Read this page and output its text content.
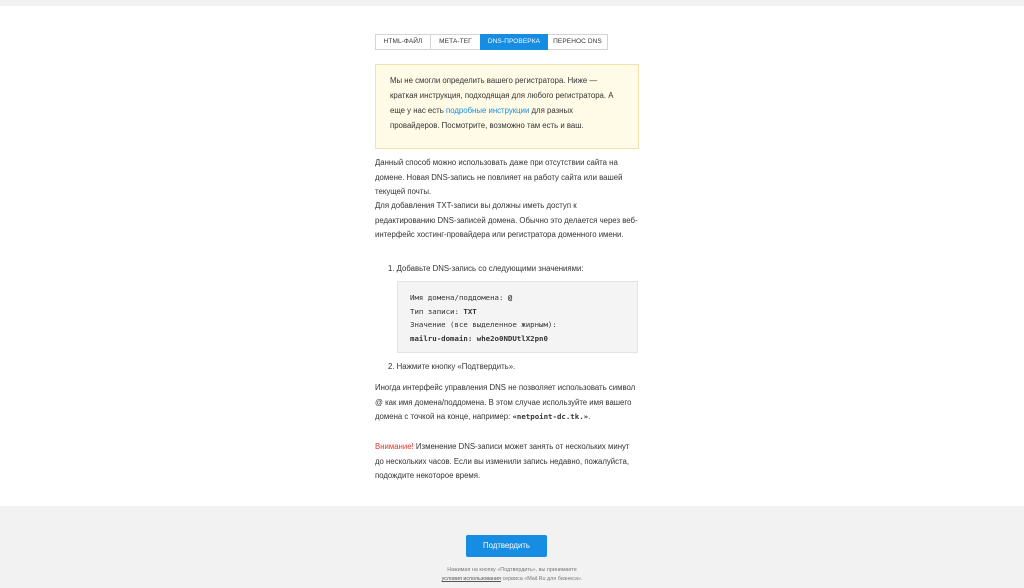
HTML-ФАЙЛ	МЕТА-ТЕГ	DNS-ПРОВЕРКА	ПЕРЕНОС DNS
Мы не смогли определить вашего регистратора. Ниже — краткая инструкция, подходящая для любого регистратора. А еще у нас есть подробные инструкции для разных провайдеров. Посмотрите, возможно там есть и ваш.

Данный способ можно использовать даже при отсутствии сайта на домене. Новая DNS-запись не повлияет на работу сайта или вашей текущей почты.

Для добавления TXT-записи вы должны иметь доступ к редактированию DNS-записей домена. Обычно это делается через веб-интерфейс хостинг-провайдера или регистратора доменного имени.

1. Добавьте DNS-запись со следующими значениями:
Имя домена/поддомена: @
Тип записи: TXT
Значение (все выделенное жирным):
mailru-domain: whe2o0NDUtlX2pn0
2. Нажмите кнопку «Подтвердить».

Иногда интерфейс управления DNS не позволяет использовать символ @ как имя домена/поддомена. В этом случае используйте имя вашего домена с точкой на конце, например: «netpoint-dc.tk.».

Внимание! Изменение DNS-записи может занять от нескольких минут до нескольких часов. Если вы изменили запись недавно, пожалуйста, подождите некоторое время.

Подтвердить
Нажимая на кнопку «Подтвердить», вы принимаете
условия использования сервиса «Mail.Ru для бизнеса».
